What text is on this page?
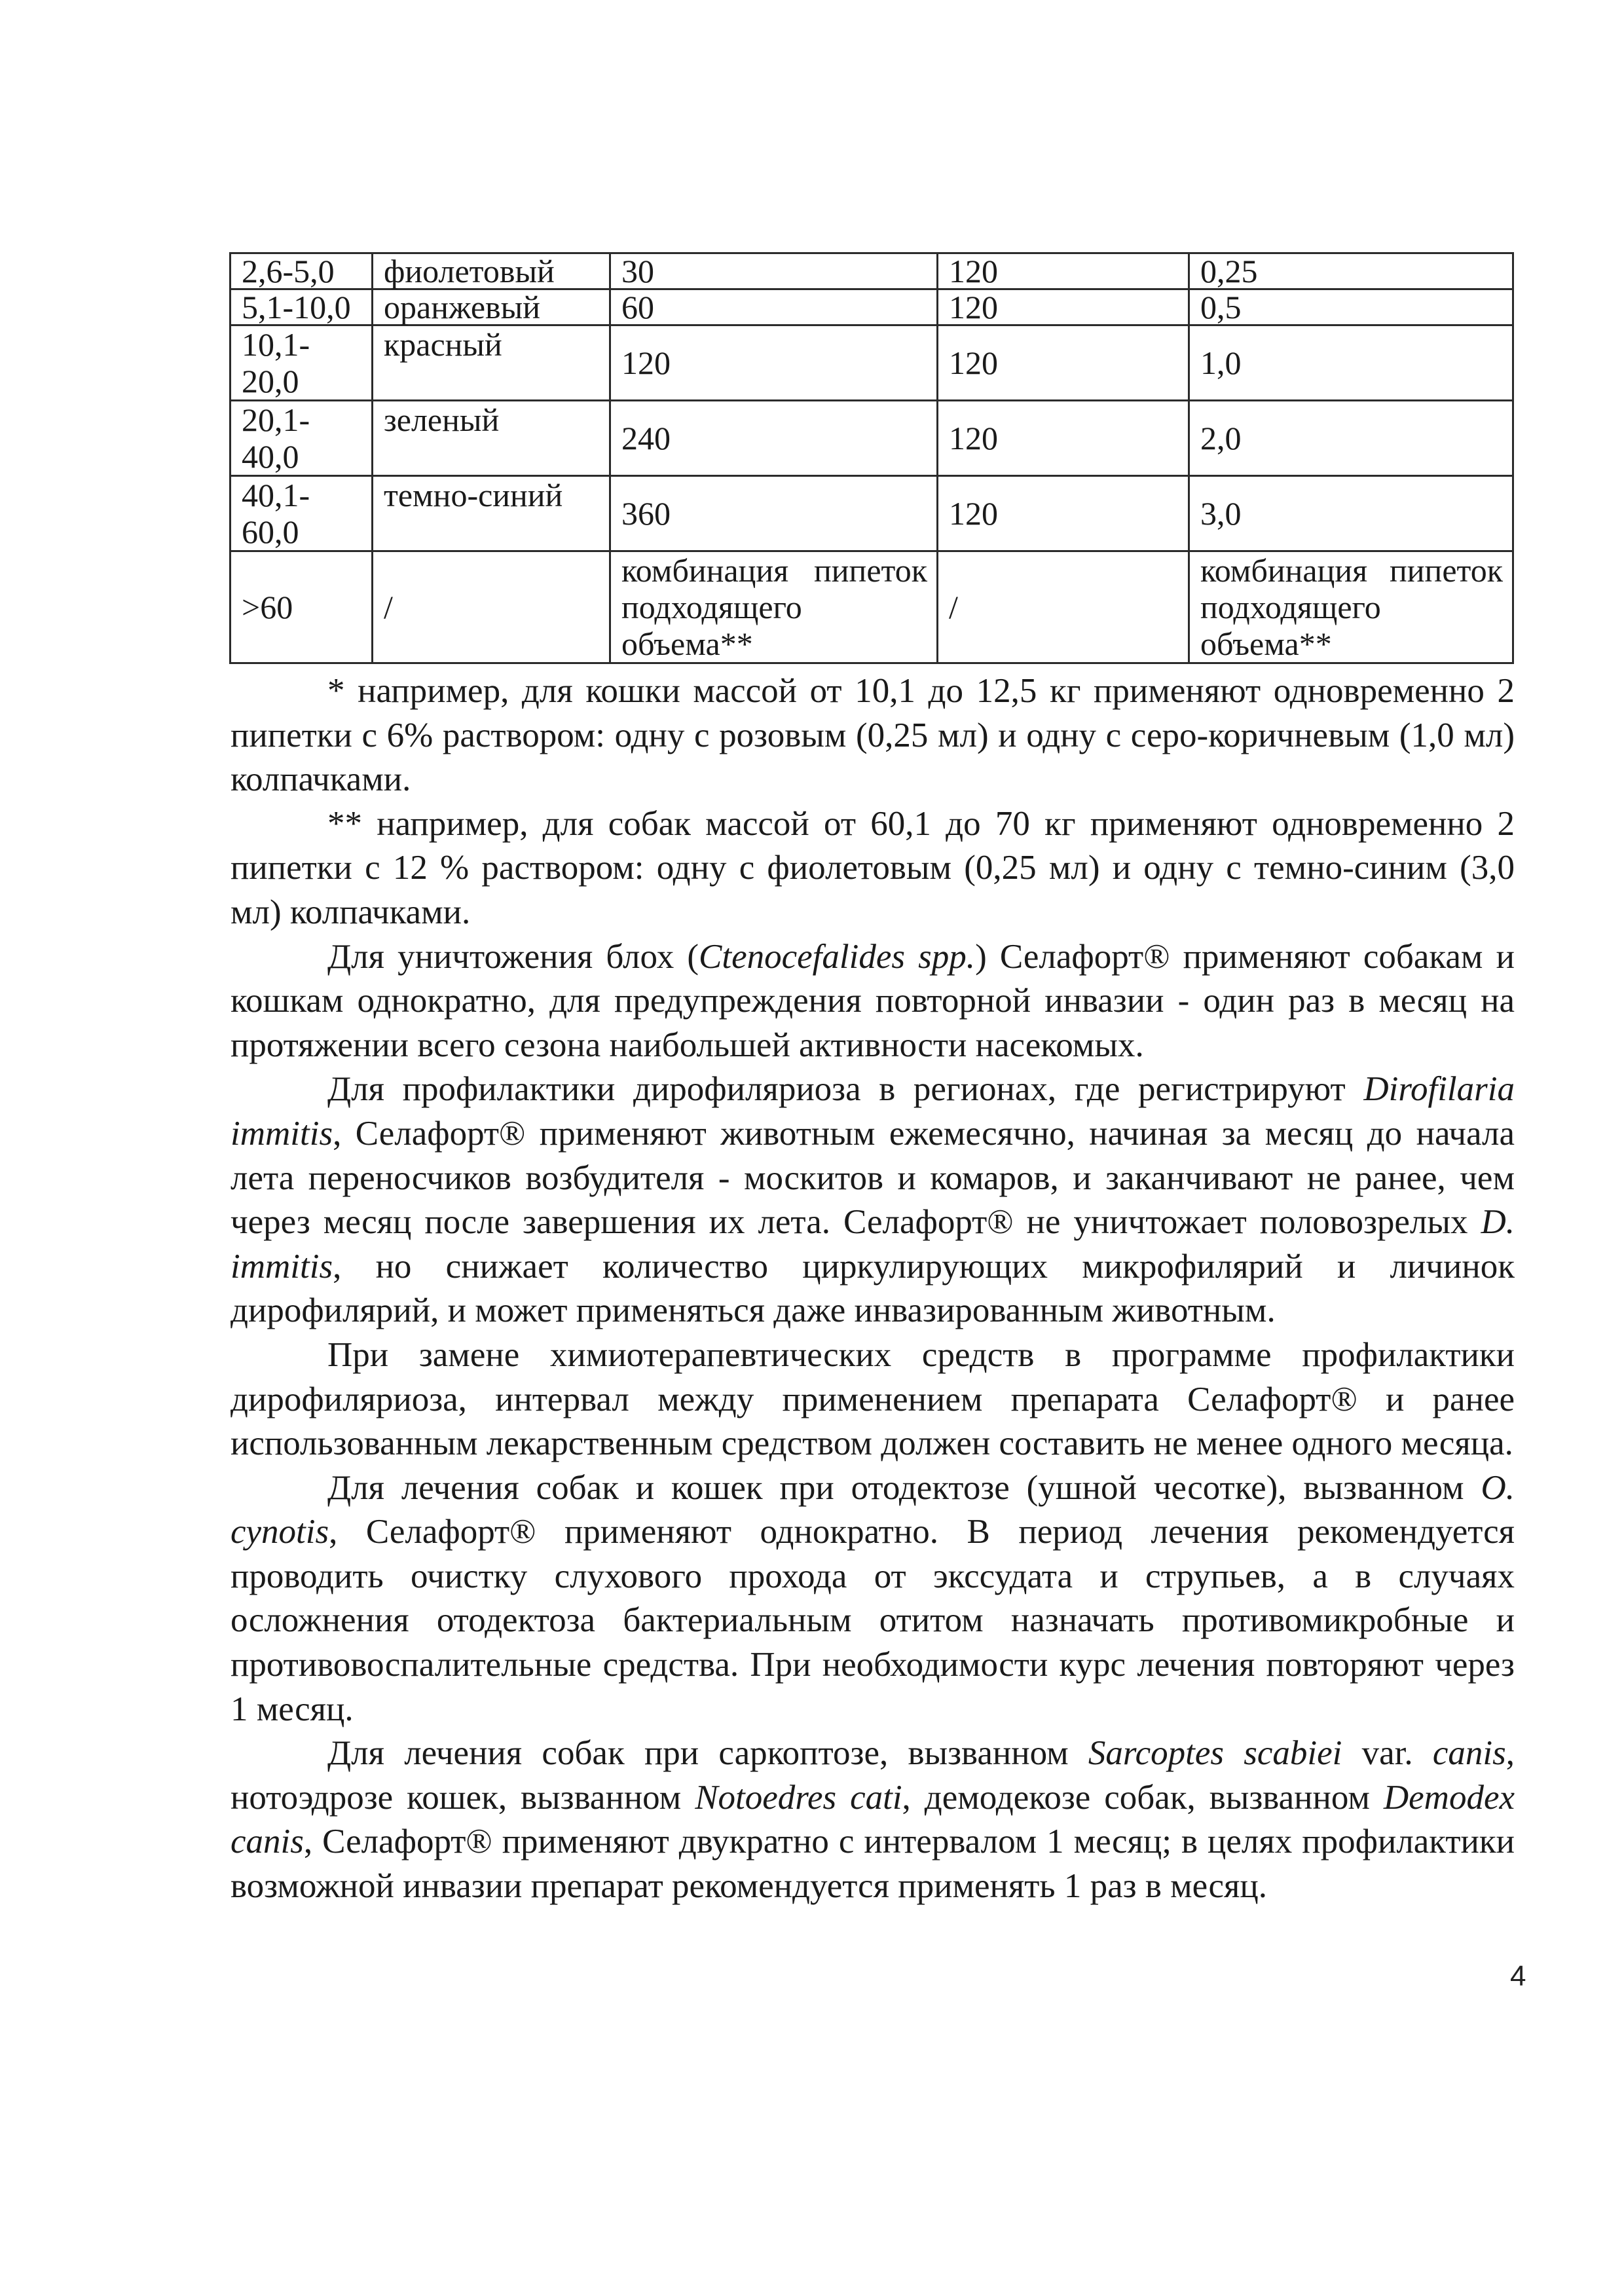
2,6-5,0	фиолетовый	30	120	0,25
5,1-10,0	оранжевый	60	120	0,5
10,1-20,0	красный	120	120	1,0
20,1-40,0	зеленый	240	120	2,0
40,1-60,0	темно-синий	360	120	3,0
>60	/	комбинация пипеток подходящего объема**	/	комбинация пипеток подходящего объема**

* например, для кошки массой от 10,1 до 12,5 кг применяют одновременно 2 пипетки с 6% раствором: одну с розовым (0,25 мл) и одну с серо-коричневым (1,0 мл) колпачками.

** например, для собак массой от 60,1 до 70 кг применяют одновременно 2 пипетки с 12 % раствором: одну с фиолетовым (0,25 мл) и одну с темно-синим (3,0 мл) колпачками.

Для уничтожения блох (Ctenocefalides spp.) Селафорт® применяют собакам и кошкам однократно, для предупреждения повторной инвазии - один раз в месяц на протяжении всего сезона наибольшей активности насекомых.

Для профилактики дирофиляриоза в регионах, где регистрируют Dirofilaria immitis, Селафорт® применяют животным ежемесячно, начиная за месяц до начала лета переносчиков возбудителя - москитов и комаров, и заканчивают не ранее, чем через месяц после завершения их лета. Селафорт® не уничтожает половозрелых D. immitis, но снижает количество циркулирующих микрофилярий и личинок дирофилярий, и может применяться даже инвазированным животным.

При замене химиотерапевтических средств в программе профилактики дирофиляриоза, интервал между применением препарата Селафорт® и ранее использованным лекарственным средством должен составить не менее одного месяца.

Для лечения собак и кошек при отодектозе (ушной чесотке), вызванном O. cynotis, Селафорт® применяют однократно. В период лечения рекомендуется проводить очистку слухового прохода от экссудата и струпьев, а в случаях осложнения отодектоза бактериальным отитом назначать противомикробные и противовоспалительные средства. При необходимости курс лечения повторяют через 1 месяц.

Для лечения собак при саркоптозе, вызванном Sarcoptes scabiei var. canis, нотоэдрозе кошек, вызванном Notoedres cati, демодекозе собак, вызванном Demodex canis, Селафорт® применяют двукратно с интервалом 1 месяц; в целях профилактики возможной инвазии препарат рекомендуется применять 1 раз в месяц.

4
